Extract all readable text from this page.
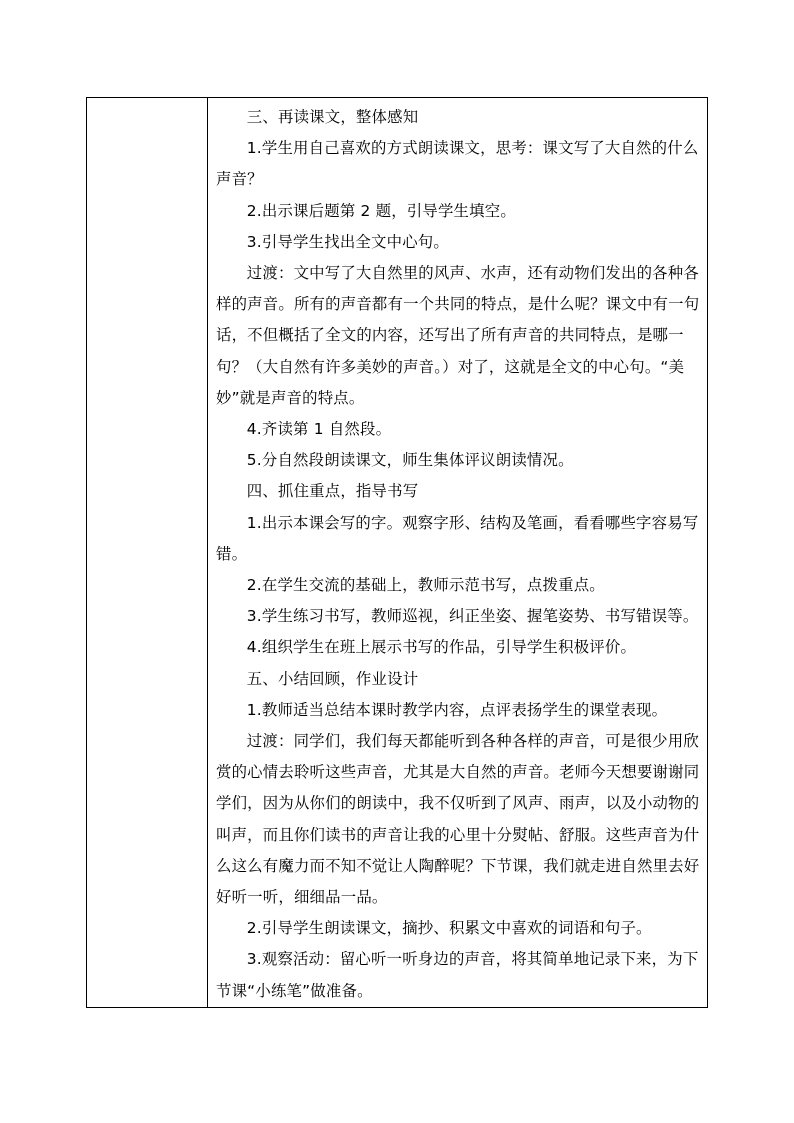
三、再读课文，整体感知

1.学生用自己喜欢的方式朗读课文，思考：课文写了大自然的什么声音？

2.出示课后题第 2 题，引导学生填空。

3.引导学生找出全文中心句。

过渡：文中写了大自然里的风声、水声，还有动物们发出的各种各样的声音。所有的声音都有一个共同的特点，是什么呢？课文中有一句话，不但概括了全文的内容，还写出了所有声音的共同特点，是哪一句？（大自然有许多美妙的声音。）对了，这就是全文的中心句。“美妙”就是声音的特点。

4.齐读第 1 自然段。

5.分自然段朗读课文，师生集体评议朗读情况。

四、抓住重点，指导书写

1.出示本课会写的字。观察字形、结构及笔画，看看哪些字容易写错。

2.在学生交流的基础上，教师示范书写，点拨重点。

3.学生练习书写，教师巡视，纠正坐姿、握笔姿势、书写错误等。

4.组织学生在班上展示书写的作品，引导学生积极评价。

五、小结回顾，作业设计

1.教师适当总结本课时教学内容，点评表扬学生的课堂表现。

过渡：同学们，我们每天都能听到各种各样的声音，可是很少用欣赏的心情去聆听这些声音，尤其是大自然的声音。老师今天想要谢谢同学们，因为从你们的朗读中，我不仅听到了风声、雨声，以及小动物的叫声，而且你们读书的声音让我的心里十分熨帖、舒服。这些声音为什么这么有魔力而不知不觉让人陶醉呢？下节课，我们就走进自然里去好好听一听，细细品一品。

2.引导学生朗读课文，摘抄、积累文中喜欢的词语和句子。

3.观察活动：留心听一听身边的声音，将其简单地记录下来，为下节课“小练笔”做准备。
